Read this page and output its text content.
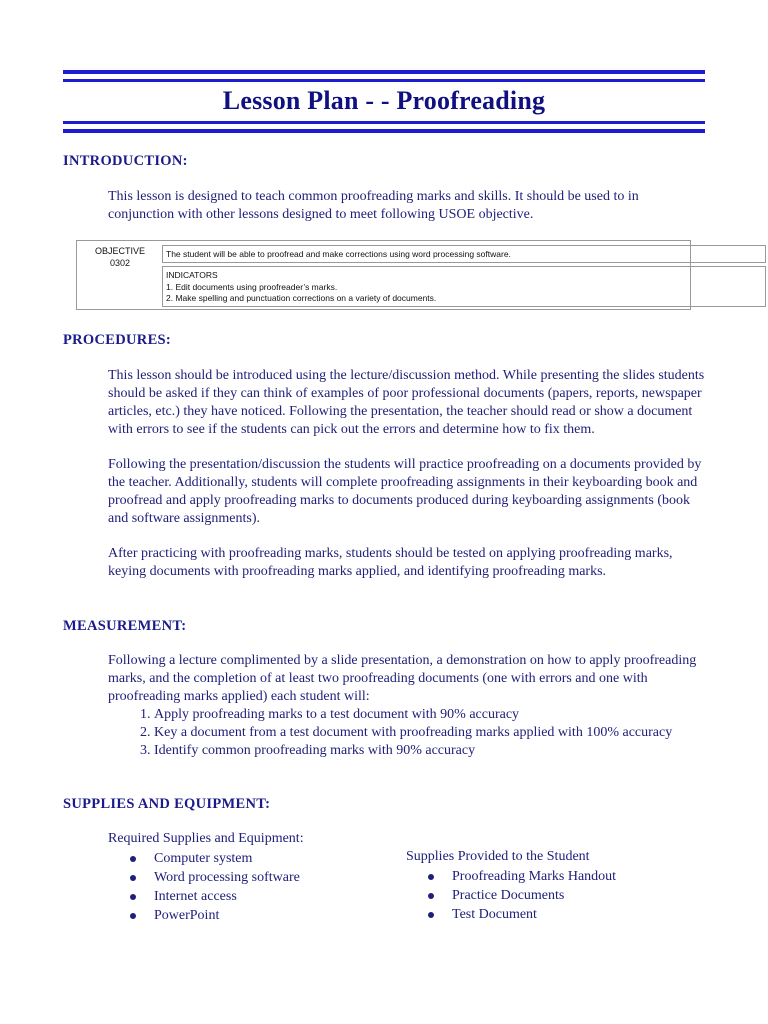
Lesson Plan - - Proofreading
INTRODUCTION:
This lesson is designed to teach common proofreading marks and skills. It should be used to in conjunction with other lessons designed to meet following USOE objective.
OBJECTIVE
0302
The student will be able to proofread and make corrections using word processing software.
INDICATORS
1. Edit documents using proofreader’s marks.
2. Make spelling and punctuation corrections on a variety of documents.
PROCEDURES:

This lesson should be introduced using the lecture/discussion method. While presenting the slides students should be asked if they can think of examples of poor professional documents (papers, reports, newspaper articles, etc.) they have noticed. Following the presentation, the teacher should read or show a document with errors to see if the students can pick out the errors and determine how to fix them.

Following the presentation/discussion the students will practice proofreading on a documents provided by the teacher. Additionally, students will complete proofreading assignments in their keyboarding book and proofread and apply proofreading marks to documents produced during keyboarding assignments (book and software assignments).

After practicing with proofreading marks, students should be tested on applying proofreading marks, keying documents with proofreading marks applied, and identifying proofreading marks.

MEASUREMENT:
Following a lecture complimented by a slide presentation, a demonstration on how to apply proofreading marks, and the completion of at least two proofreading documents (one with errors and one with proofreading marks applied) each student will:
1. Apply proofreading marks to a test document with 90% accuracy
2. Key a document from a test document with proofreading marks applied with 100% accuracy
3. Identify common proofreading marks with 90% accuracy
SUPPLIES AND EQUIPMENT:
Required Supplies and Equipment:
Computer system
Word processing software
Internet access
PowerPoint
Supplies Provided to the Student
Proofreading Marks Handout
Practice Documents
Test Document
